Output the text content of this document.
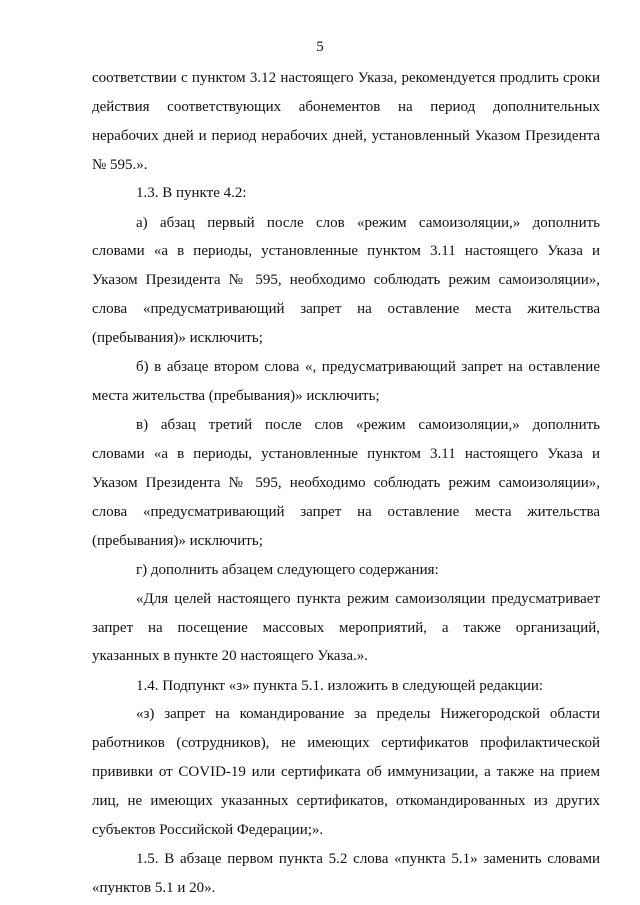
5
соответствии с пунктом 3.12 настоящего Указа, рекомендуется продлить сроки
действия соответствующих абонементов на период дополнительных
нерабочих дней и период нерабочих дней, установленный Указом Президента
№ 595.».
1.3. В пункте 4.2:
а) абзац первый после слов «режим самоизоляции,» дополнить
словами «а в периоды, установленные пунктом 3.11 настоящего Указа и
Указом Президента № 595, необходимо соблюдать режим самоизоляции»,
слова «предусматривающий запрет на оставление места жительства
(пребывания)» исключить;
б) в абзаце втором слова «, предусматривающий запрет на оставление
места жительства (пребывания)» исключить;
в) абзац третий после слов «режим самоизоляции,» дополнить
словами «а в периоды, установленные пунктом 3.11 настоящего Указа и
Указом Президента № 595, необходимо соблюдать режим самоизоляции»,
слова «предусматривающий запрет на оставление места жительства
(пребывания)» исключить;
г) дополнить абзацем следующего содержания:
«Для целей настоящего пункта режим самоизоляции предусматривает
запрет на посещение массовых мероприятий, а также организаций,
указанных в пункте 20 настоящего Указа.».
1.4. Подпункт «з» пункта 5.1. изложить в следующей редакции:
«з) запрет на командирование за пределы Нижегородской области
работников (сотрудников), не имеющих сертификатов профилактической
прививки от COVID-19 или сертификата об иммунизации, а также на прием
лиц, не имеющих указанных сертификатов, откомандированных из других
субъектов Российской Федерации;».
1.5. В абзаце первом пункта 5.2 слова «пункта 5.1» заменить словами
«пунктов 5.1 и 20».
